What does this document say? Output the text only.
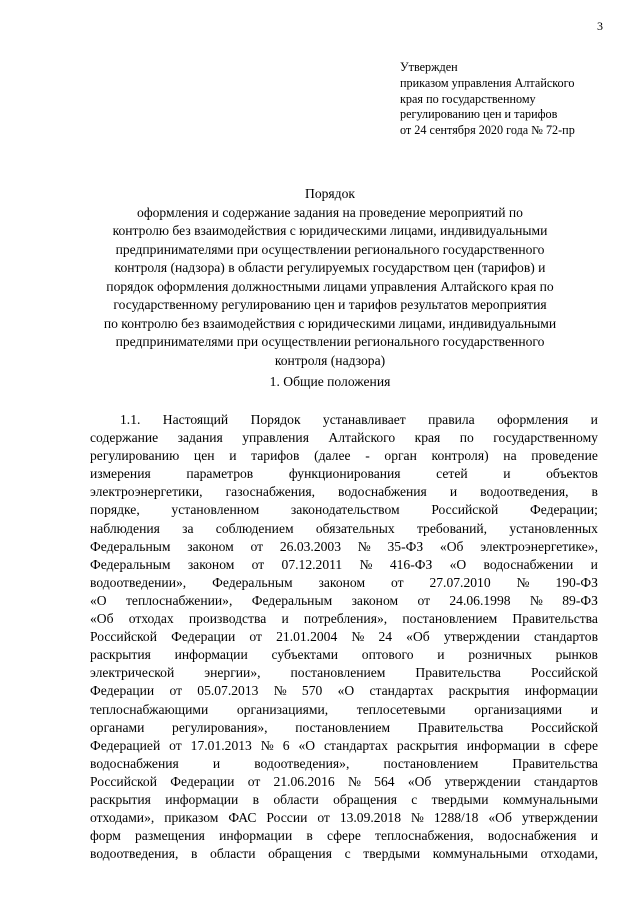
3
Утвержден
приказом управления Алтайского
края по государственному
регулированию цен и тарифов
от 24 сентября 2020 года № 72-пр
Порядок
оформления и содержание задания на проведение мероприятий по
контролю без взаимодействия с юридическими лицами, индивидуальными
предпринимателями при осуществлении регионального государственного
контроля (надзора) в области регулируемых государством цен (тарифов) и
порядок оформления должностными лицами управления Алтайского края по
государственному регулированию цен и тарифов результатов мероприятия
по контролю без взаимодействия с юридическими лицами, индивидуальными
предпринимателями при осуществлении регионального государственного
контроля (надзора)
1. Общие положения
1.1. Настоящий Порядок устанавливает правила оформления и
содержание задания управления Алтайского края по государственному
регулированию цен и тарифов (далее - орган контроля) на проведение
измерения	параметров	функционирования	сетей	и	объектов
электроэнергетики, газоснабжения, водоснабжения и водоотведения, в
порядке, установленном законодательством Российской Федерации;
наблюдения за соблюдением обязательных требований, установленных
Федеральным законом от 26.03.2003 № 35-ФЗ «Об электроэнергетике»,
Федеральным законом от 07.12.2011 № 416-ФЗ «О водоснабжении и
водоотведении», Федеральным законом от 27.07.2010 № 190-ФЗ
«О теплоснабжении», Федеральным законом от 24.06.1998 № 89-ФЗ
«Об отходах производства и потребления», постановлением Правительства
Российской Федерации от 21.01.2004 № 24 «Об утверждении стандартов
раскрытия информации субъектами оптового и розничных рынков
электрической энергии», постановлением Правительства Российской
Федерации от 05.07.2013 № 570 «О стандартах раскрытия информации
теплоснабжающими организациями, теплосетевыми организациями и
органами регулирования», постановлением Правительства Российской
Федерацией от 17.01.2013 № 6 «О стандартах раскрытия информации в сфере
водоснабжения	и	водоотведения»,	постановлением	Правительства
Российской Федерации от 21.06.2016 № 564 «Об утверждении стандартов
раскрытия информации в области обращения с твердыми коммунальными
отходами», приказом ФАС России от 13.09.2018 № 1288/18 «Об утверждении
форм размещения информации в сфере теплоснабжения, водоснабжения и
водоотведения, в области обращения с твердыми коммунальными отходами,
